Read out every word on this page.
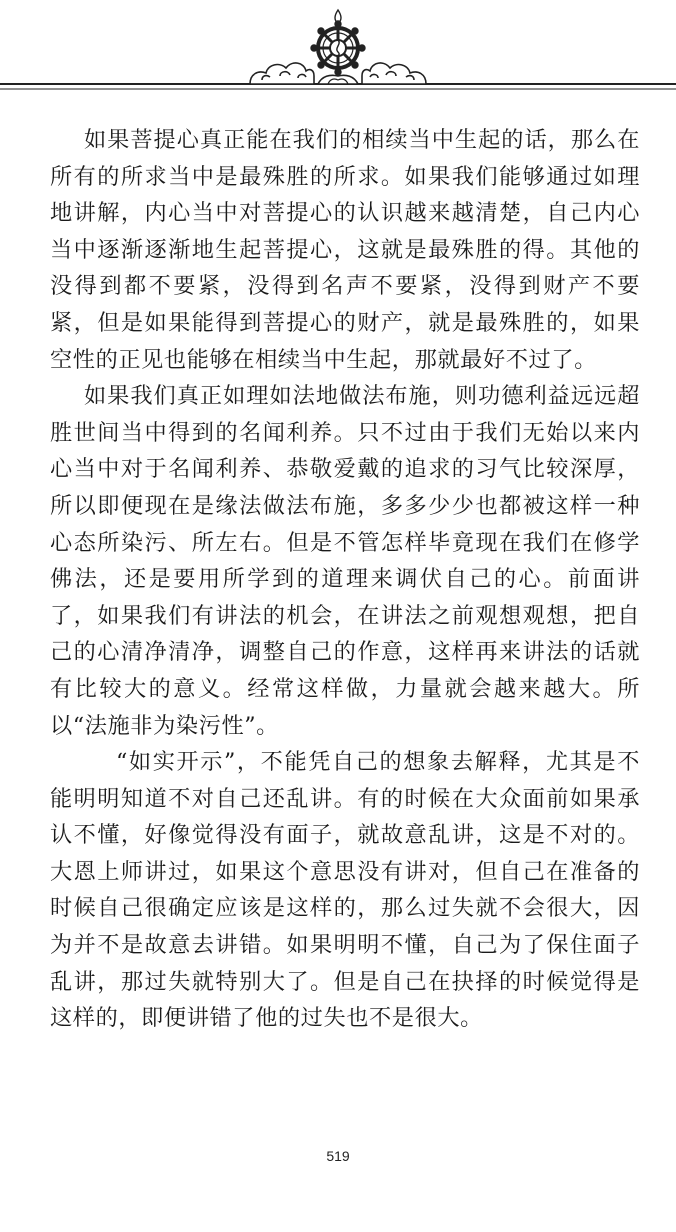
如果菩提心真正能在我们的相续当中生起的话，那么在所有的所求当中是最殊胜的所求。如果我们能够通过如理地讲解，内心当中对菩提心的认识越来越清楚，自己内心当中逐渐逐渐地生起菩提心，这就是最殊胜的得。其他的没得到都不要紧，没得到名声不要紧，没得到财产不要紧，但是如果能得到菩提心的财产，就是最殊胜的，如果空性的正见也能够在相续当中生起，那就最好不过了。

如果我们真正如理如法地做法布施，则功德利益远远超胜世间当中得到的名闻利养。只不过由于我们无始以来内心当中对于名闻利养、恭敬爱戴的追求的习气比较深厚，所以即便现在是缘法做法布施，多多少少也都被这样一种心态所染污、所左右。但是不管怎样毕竟现在我们在修学佛法，还是要用所学到的道理来调伏自己的心。前面讲了，如果我们有讲法的机会，在讲法之前观想观想，把自己的心清净清净，调整自己的作意，这样再来讲法的话就有比较大的意义。经常这样做，力量就会越来越大。所以“法施非为染污性”。

“如实开示”，不能凭自己的想象去解释，尤其是不能明明知道不对自己还乱讲。有的时候在大众面前如果承认不懂，好像觉得没有面子，就故意乱讲，这是不对的。大恩上师讲过，如果这个意思没有讲对，但自己在准备的时候自己很确定应该是这样的，那么过失就不会很大，因为并不是故意去讲错。如果明明不懂，自己为了保住面子乱讲，那过失就特别大了。但是自己在抉择的时候觉得是这样的，即便讲错了他的过失也不是很大。

519
